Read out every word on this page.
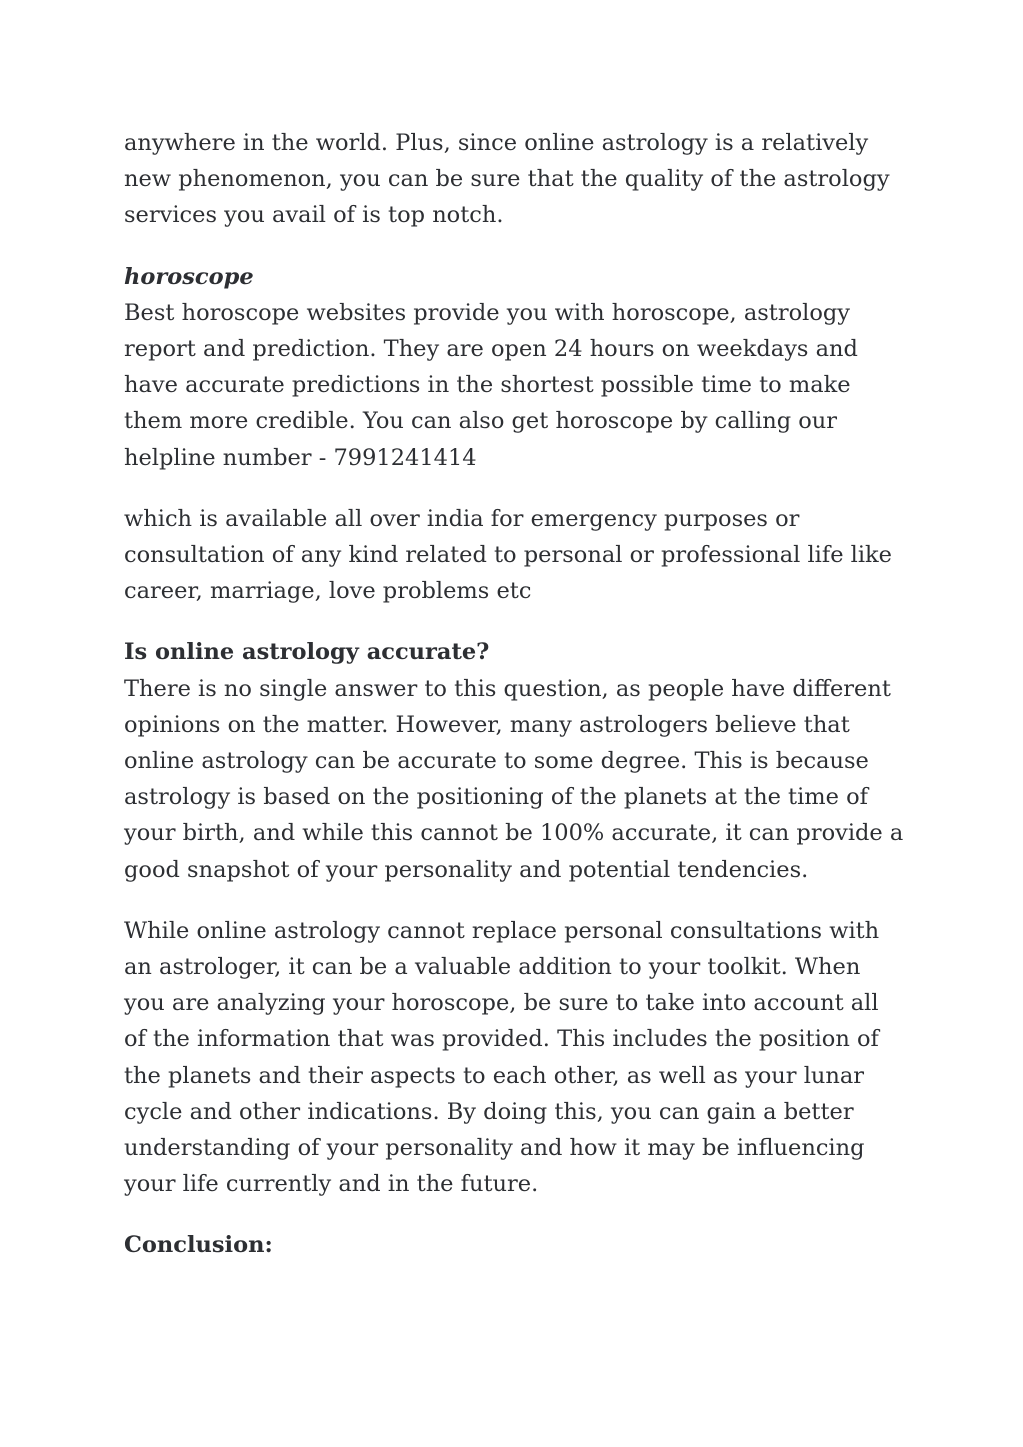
anywhere in the world. Plus, since online astrology is a relatively
new phenomenon, you can be sure that the quality of the astrology
services you avail of is top notch.

horoscope
Best horoscope websites provide you with horoscope, astrology
report and prediction. They are open 24 hours on weekdays and
have accurate predictions in the shortest possible time to make
them more credible. You can also get horoscope by calling our
helpline number - 7991241414

which is available all over india for emergency purposes or
consultation of any kind related to personal or professional life like
career, marriage, love problems etc

Is online astrology accurate?
There is no single answer to this question, as people have different
opinions on the matter. However, many astrologers believe that
online astrology can be accurate to some degree. This is because
astrology is based on the positioning of the planets at the time of
your birth, and while this cannot be 100% accurate, it can provide a
good snapshot of your personality and potential tendencies.

While online astrology cannot replace personal consultations with
an astrologer, it can be a valuable addition to your toolkit. When
you are analyzing your horoscope, be sure to take into account all
of the information that was provided. This includes the position of
the planets and their aspects to each other, as well as your lunar
cycle and other indications. By doing this, you can gain a better
understanding of your personality and how it may be influencing
your life currently and in the future.

Conclusion:
